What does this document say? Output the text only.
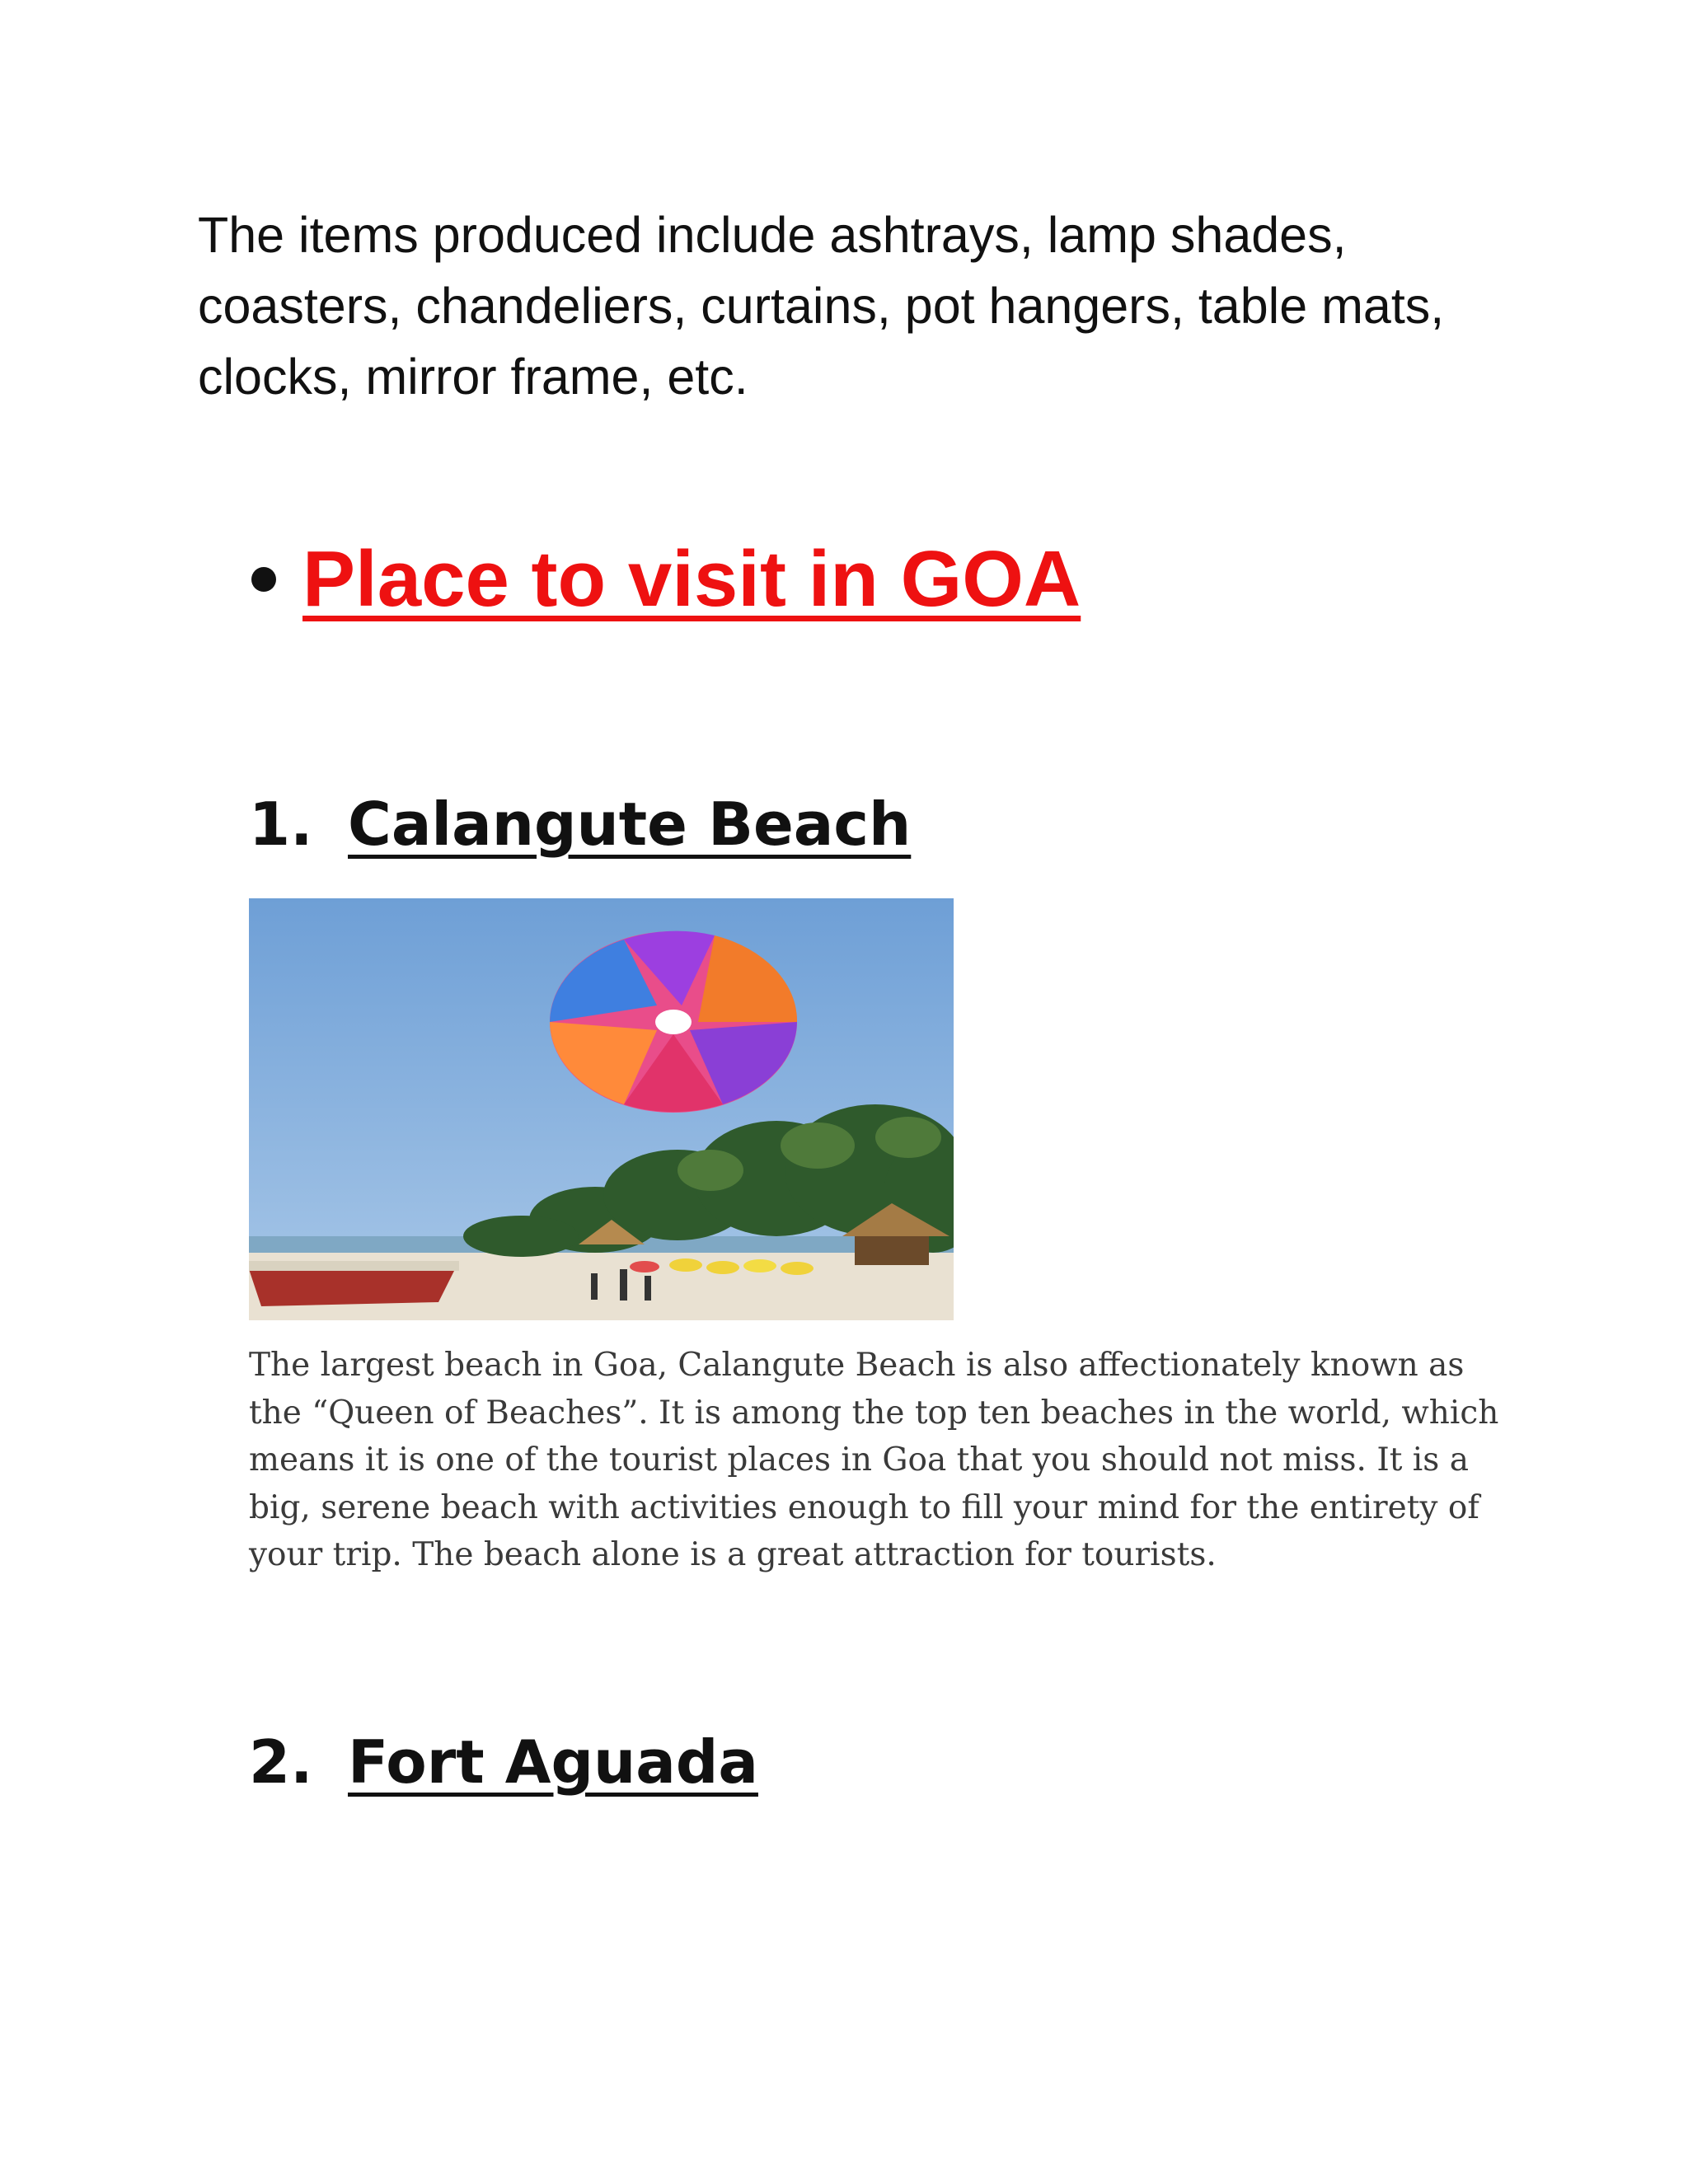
The items produced include ashtrays, lamp shades, coasters, chandeliers, curtains, pot hangers, table mats, clocks, mirror frame, etc.

Place to visit in GOA
1. Calangute Beach

The largest beach in Goa, Calangute Beach is also affectionately known as the “Queen of Beaches”. It is among the top ten beaches in the world, which means it is one of the tourist places in Goa that you should not miss. It is a big, serene beach with activities enough to fill your mind for the entirety of your trip. The beach alone is a great attraction for tourists.

2. Fort Aguada
